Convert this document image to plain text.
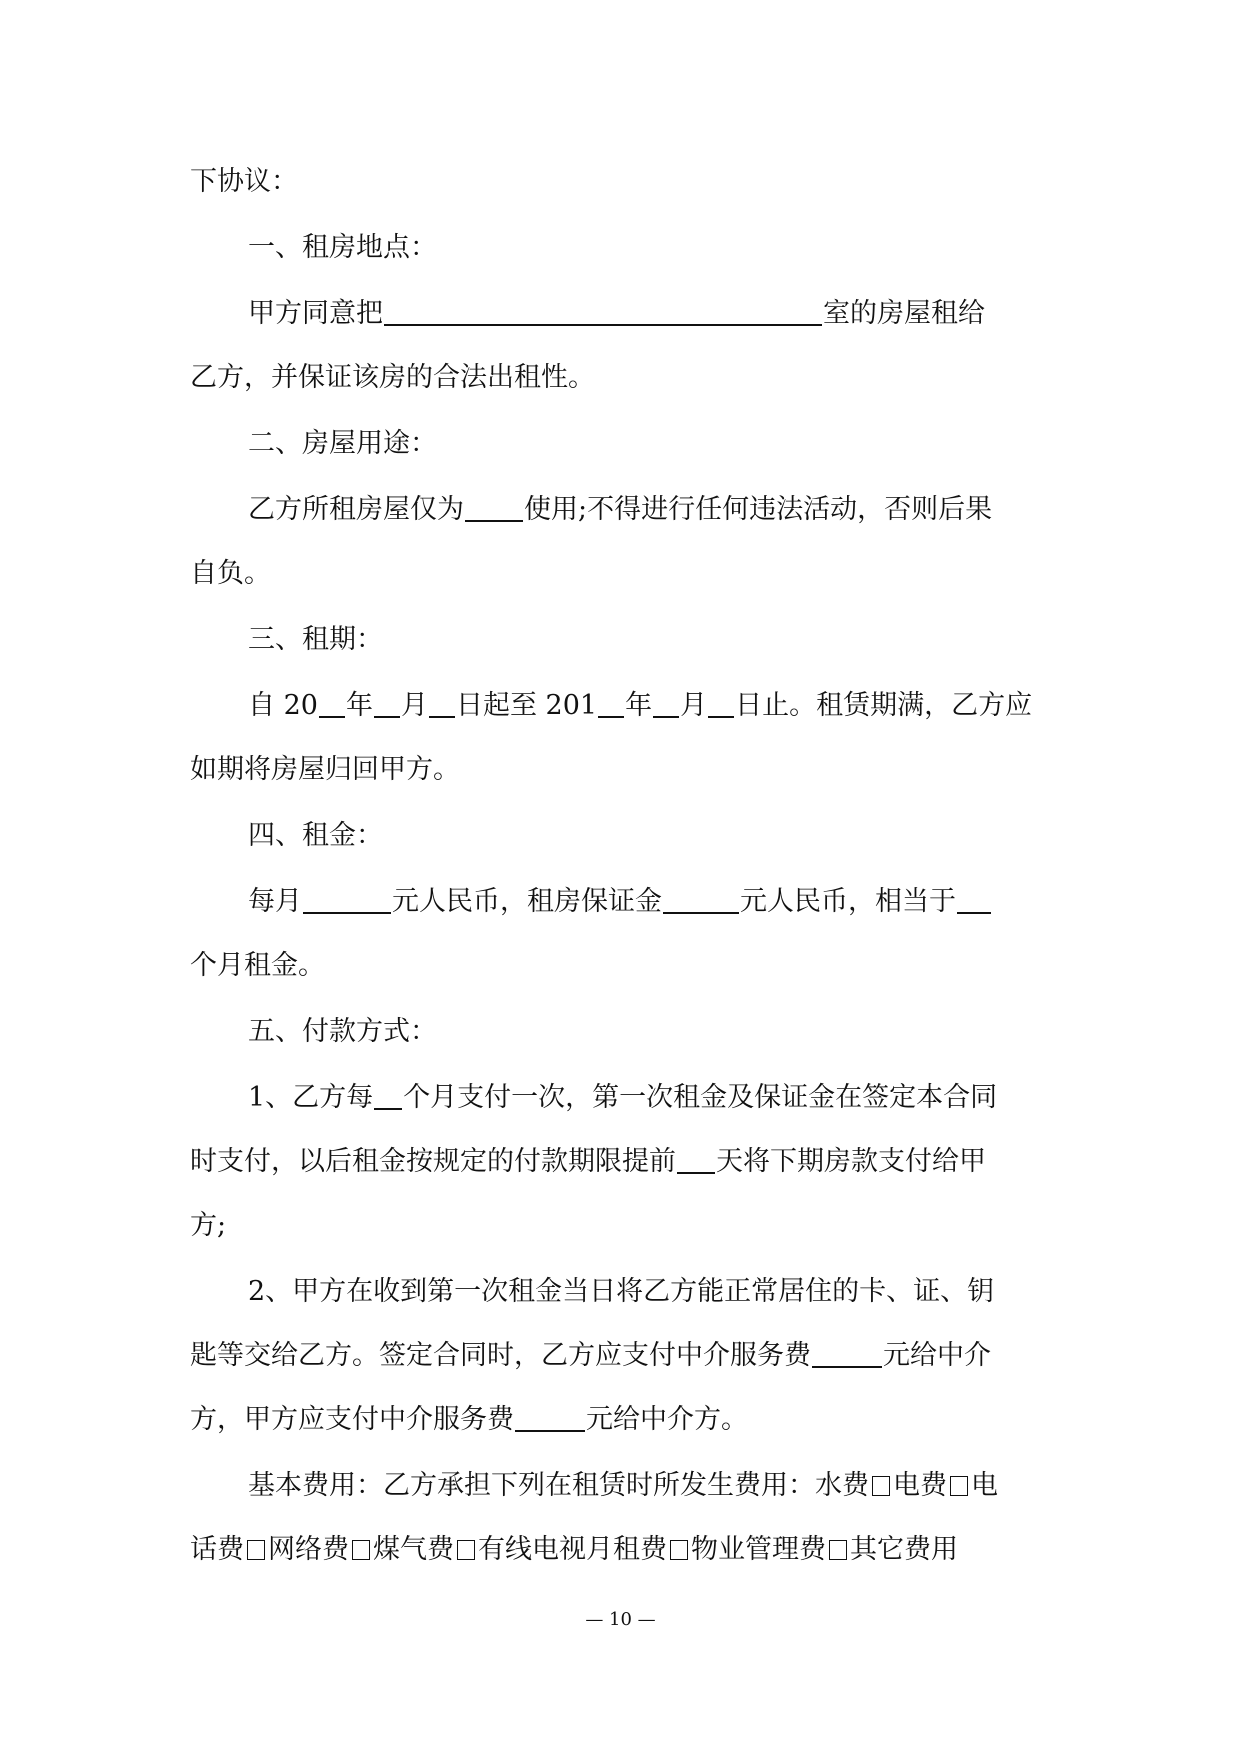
下协议：
一、租房地点：
甲方同意把	室的房屋租给
乙方，并保证该房的合法出租性。
二、房屋用途：
乙方所租房屋仅为 使用;不得进行任何违法活动，否则后果
自负。
三、租期：
自 20 年 月 日起至 201 年 月 日止。租赁期满，乙方应
如期将房屋归回甲方。
四、租金：
每月	元人民币，租房保证金	元人民币，相当于
个月租金。
五、付款方式：
1、乙方每 个月支付一次，第一次租金及保证金在签定本合同
时支付，以后租金按规定的付款期限提前 天将下期房款支付给甲
方;
2、甲方在收到第一次租金当日将乙方能正常居住的卡、证、钥
匙等交给乙方。签定合同时，乙方应支付中介服务费	元给中介
方，甲方应支付中介服务费	元给中介方。
基本费用：乙方承担下列在租赁时所发生费用：水费 电费 电
话费 网络费 煤气费 有线电视月租费 物业管理费 其它费用
— 10 —
